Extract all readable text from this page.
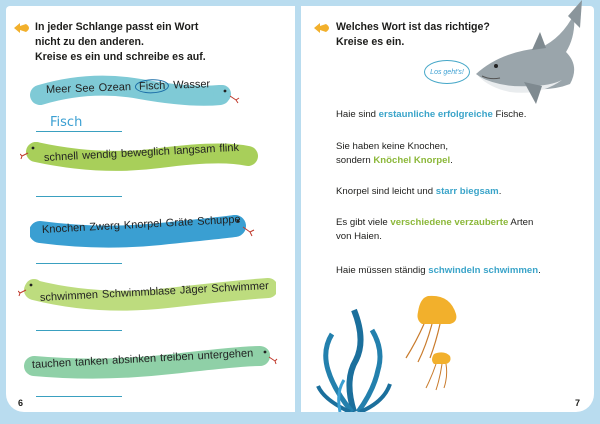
In jeder Schlange passt ein Wort
nicht zu den anderen.
Kreise es ein und schreibe es auf.

Meer See Ozean Fisch Wasser
Fisch
schnell wendig beweglich langsam flink
Knochen Zwerg Knorpel Gräte Schuppe
schwimmen Schwimmblase Jäger Schwimmer
tauchen tanken absinken treiben untergehen
6

Welches Wort ist das richtige?
Kreise es ein.

Los geht's!

Haie sind erstaunliche erfolgreiche Fische.

Sie haben keine Knochen,
sondern Knöchel Knorpel.

Knorpel sind leicht und starr biegsam.

Es gibt viele verschiedene verzauberte Arten
von Haien.

Haie müssen ständig schwindeln schwimmen.

7
